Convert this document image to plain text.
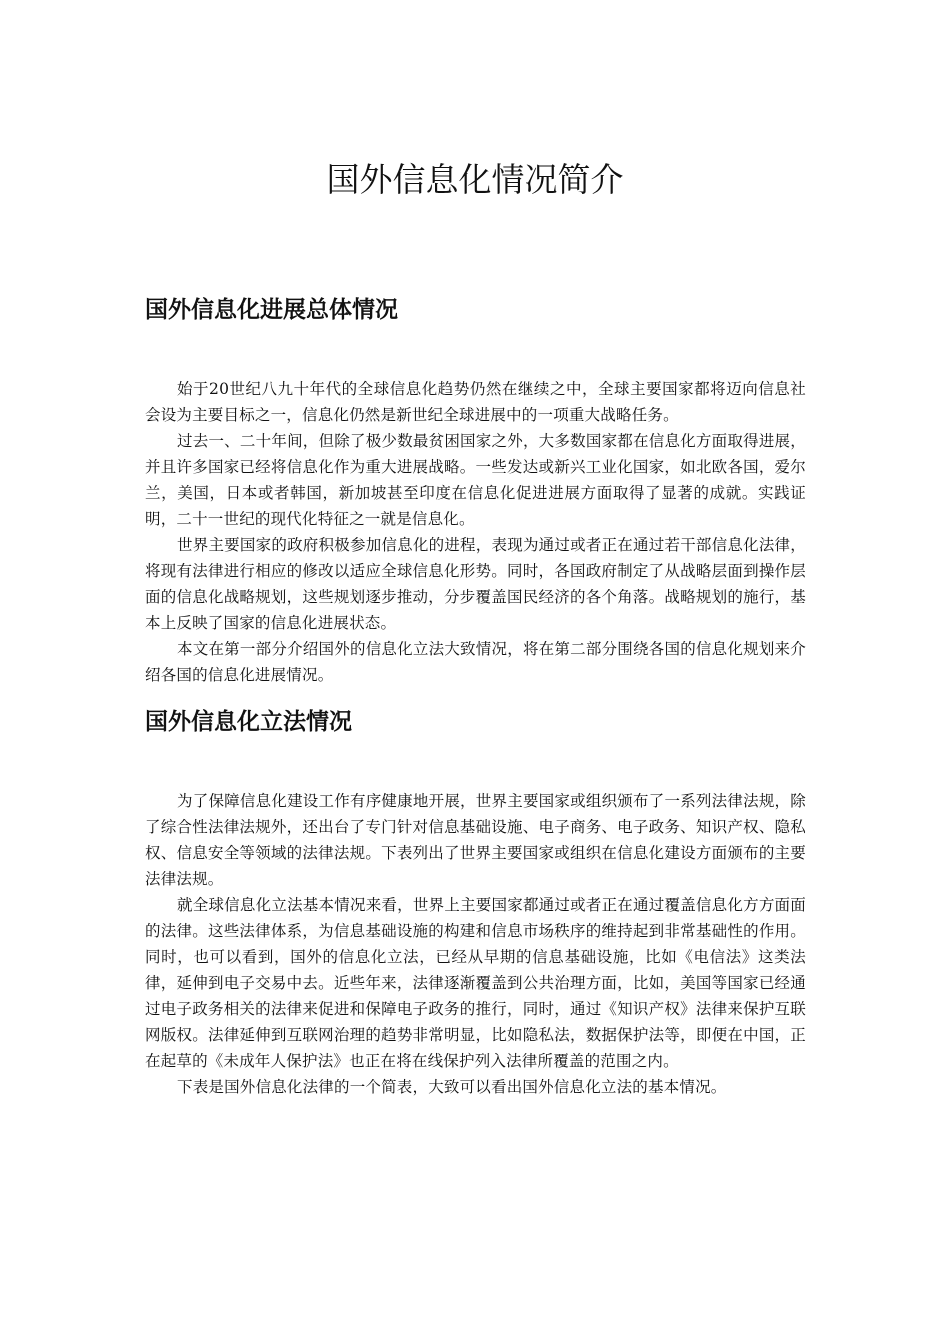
国外信息化情况简介
国外信息化进展总体情况

始于20世纪八九十年代的全球信息化趋势仍然在继续之中，全球主要国家都将迈向信息社会设为主要目标之一，信息化仍然是新世纪全球进展中的一项重大战略任务。

过去一、二十年间，但除了极少数最贫困国家之外，大多数国家都在信息化方面取得进展，并且许多国家已经将信息化作为重大进展战略。一些发达或新兴工业化国家，如北欧各国，爱尔兰，美国，日本或者韩国，新加坡甚至印度在信息化促进进展方面取得了显著的成就。实践证明，二十一世纪的现代化特征之一就是信息化。

世界主要国家的政府积极参加信息化的进程，表现为通过或者正在通过若干部信息化法律，将现有法律进行相应的修改以适应全球信息化形势。同时，各国政府制定了从战略层面到操作层面的信息化战略规划，这些规划逐步推动，分步覆盖国民经济的各个角落。战略规划的施行，基本上反映了国家的信息化进展状态。

本文在第一部分介绍国外的信息化立法大致情况，将在第二部分围绕各国的信息化规划来介绍各国的信息化进展情况。

国外信息化立法情况

为了保障信息化建设工作有序健康地开展，世界主要国家或组织颁布了一系列法律法规，除了综合性法律法规外，还出台了专门针对信息基础设施、电子商务、电子政务、知识产权、隐私权、信息安全等领域的法律法规。下表列出了世界主要国家或组织在信息化建设方面颁布的主要法律法规。

就全球信息化立法基本情况来看，世界上主要国家都通过或者正在通过覆盖信息化方方面面的法律。这些法律体系，为信息基础设施的构建和信息市场秩序的维持起到非常基础性的作用。同时，也可以看到，国外的信息化立法，已经从早期的信息基础设施，比如《电信法》这类法律，延伸到电子交易中去。近些年来，法律逐渐覆盖到公共治理方面，比如，美国等国家已经通过电子政务相关的法律来促进和保障电子政务的推行，同时，通过《知识产权》法律来保护互联网版权。法律延伸到互联网治理的趋势非常明显，比如隐私法，数据保护法等，即便在中国，正在起草的《未成年人保护法》也正在将在线保护列入法律所覆盖的范围之内。

下表是国外信息化法律的一个简表，大致可以看出国外信息化立法的基本情况。
